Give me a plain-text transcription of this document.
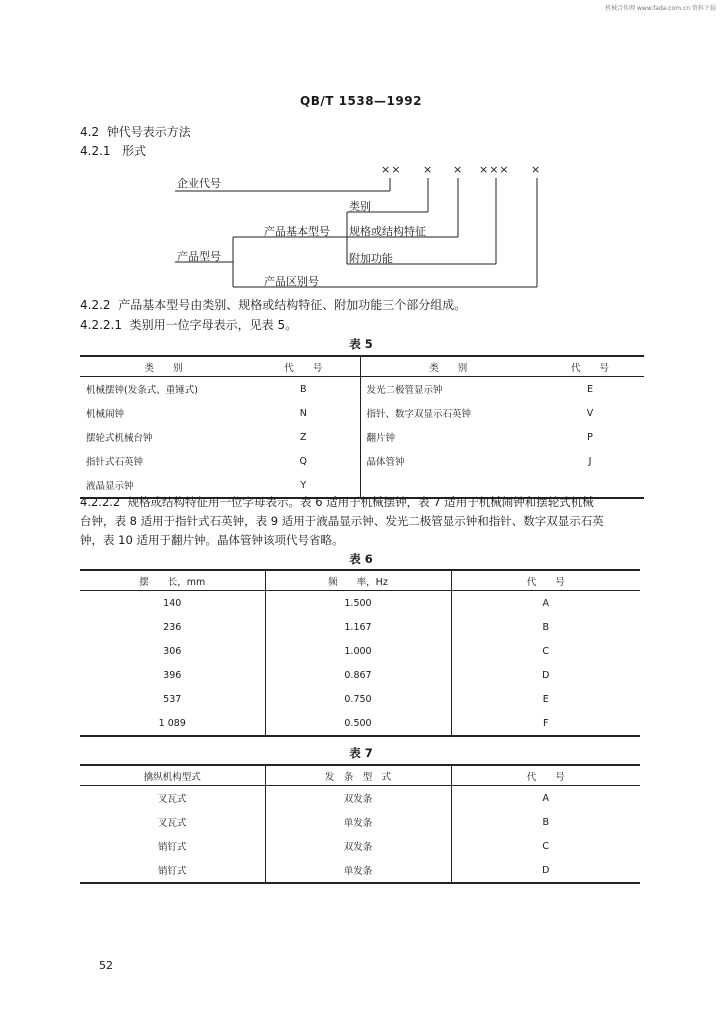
机械合作网 www.fada.com.cn 资料下载
QB/T 1538—1992
4.2 钟代号表示方法
4.2.1 形式
×× × × ××× ×
企业代号
类别
产品基本型号 规格或结构特征
产品型号	附加功能
产品区别号
4.2.2 产品基本型号由类别、规格或结构特征、附加功能三个部分组成。
4.2.2.1 类别用一位字母表示，见表 5。
表 5
类　　别	代　　号	类　　别	代　　号
机械摆钟(发条式、重锤式)	B	发光二极管显示钟	E
机械闹钟	N	指针、数字双显示石英钟	V
摆轮式机械台钟	Z	翻片钟	P
指针式石英钟	Q	晶体管钟	J
液晶显示钟	Y		
4.2.2.2 规格或结构特征用一位字母表示。表 6 适用于机械摆钟，表 7 适用于机械闹钟和摆轮式机械
台钟，表 8 适用于指针式石英钟，表 9 适用于液晶显示钟、发光二极管显示钟和指针、数字双显示石英
钟，表 10 适用于翻片钟。晶体管钟该项代号省略。
表 6
摆　　长，mm	频　　率，Hz	代　　号
140	1.500	A
236	1.167	B
306	1.000	C
396	0.867	D
537	0.750	E
1 089	0.500	F
表 7
擒纵机构型式	发　条　型　式	代　　号
叉瓦式	双发条	A
叉瓦式	单发条	B
销钉式	双发条	C
销钉式	单发条	D
52
